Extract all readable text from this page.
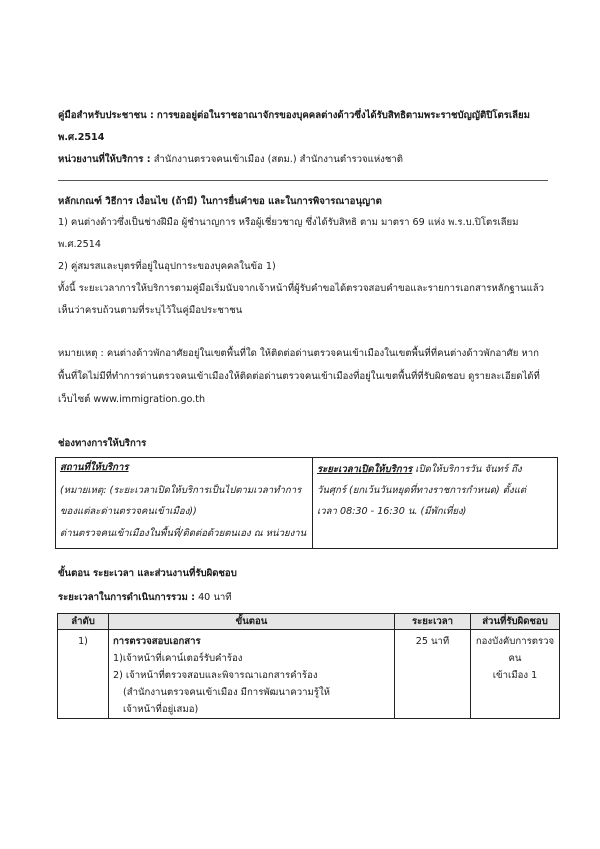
คู่มือสำหรับประชาชน : การขออยู่ต่อในราชอาณาจักรของบุคคลต่างด้าวซึ่งได้รับสิทธิตามพระราชบัญญัติปิโตรเลียม
พ.ศ.2514
หน่วยงานที่ให้บริการ : สำนักงานตรวจคนเข้าเมือง (สตม.) สำนักงานตำรวจแห่งชาติ
หลักเกณฑ์ วิธีการ เงื่อนไข (ถ้ามี) ในการยื่นคำขอ และในการพิจารณาอนุญาต
1) คนต่างด้าวซึ่งเป็นช่างฝีมือ ผู้ชำนาญการ หรือผู้เชี่ยวชาญ ซึ่งได้รับสิทธิ ตาม มาตรา 69 แห่ง พ.ร.บ.ปิโตรเลียม
พ.ศ.2514
2) คู่สมรสและบุตรที่อยู่ในอุปการะของบุคคลในข้อ 1)
ทั้งนี้ ระยะเวลาการให้บริการตามคู่มือเริ่มนับจากเจ้าหน้าที่ผู้รับคำขอได้ตรวจสอบคำขอและรายการเอกสารหลักฐานแล้ว
เห็นว่าครบถ้วนตามที่ระบุไว้ในคู่มือประชาชน
หมายเหตุ : คนต่างด้าวพักอาศัยอยู่ในเขตพื้นที่ใด ให้ติดต่อด่านตรวจคนเข้าเมืองในเขตพื้นที่ที่คนต่างด้าวพักอาศัย หาก
พื้นที่ใดไม่มีที่ทำการด่านตรวจคนเข้าเมืองให้ติดต่อด่านตรวจคนเข้าเมืองที่อยู่ในเขตพื้นที่ที่รับผิดชอบ ดูรายละเอียดได้ที่
เว็บไซต์ www.immigration.go.th
ช่องทางการให้บริการ
สถานที่ให้บริการ
(หมายเหตุ: (ระยะเวลาเปิดให้บริการเป็นไปตามเวลาทำการ
ของแต่ละด่านตรวจคนเข้าเมือง))
ด่านตรวจคนเข้าเมืองในพื้นที่/ติดต่อด้วยตนเอง ณ หน่วยงาน
ระยะเวลาเปิดให้บริการ เปิดให้บริการวัน จันทร์ ถึง
วันศุกร์ (ยกเว้นวันหยุดที่ทางราชการกำหนด) ตั้งแต่
เวลา 08:30 - 16:30 น. (มีพักเที่ยง)
ขั้นตอน ระยะเวลา และส่วนงานที่รับผิดชอบ
ระยะเวลาในการดำเนินการรวม : 40 นาที
ลำดับ	ขั้นตอน	ระยะเวลา	ส่วนที่รับผิดชอบ
1)	การตรวจสอบเอกสาร
1)เจ้าหน้าที่เคาน์เตอร์รับคำร้อง
2) เจ้าหน้าที่ตรวจสอบและพิจารณาเอกสารคำร้อง
(สำนักงานตรวจคนเข้าเมือง มีการพัฒนาความรู้ให้
เจ้าหน้าที่อยู่เสมอ)	25 นาที	กองบังคับการตรวจคน
เข้าเมือง 1
